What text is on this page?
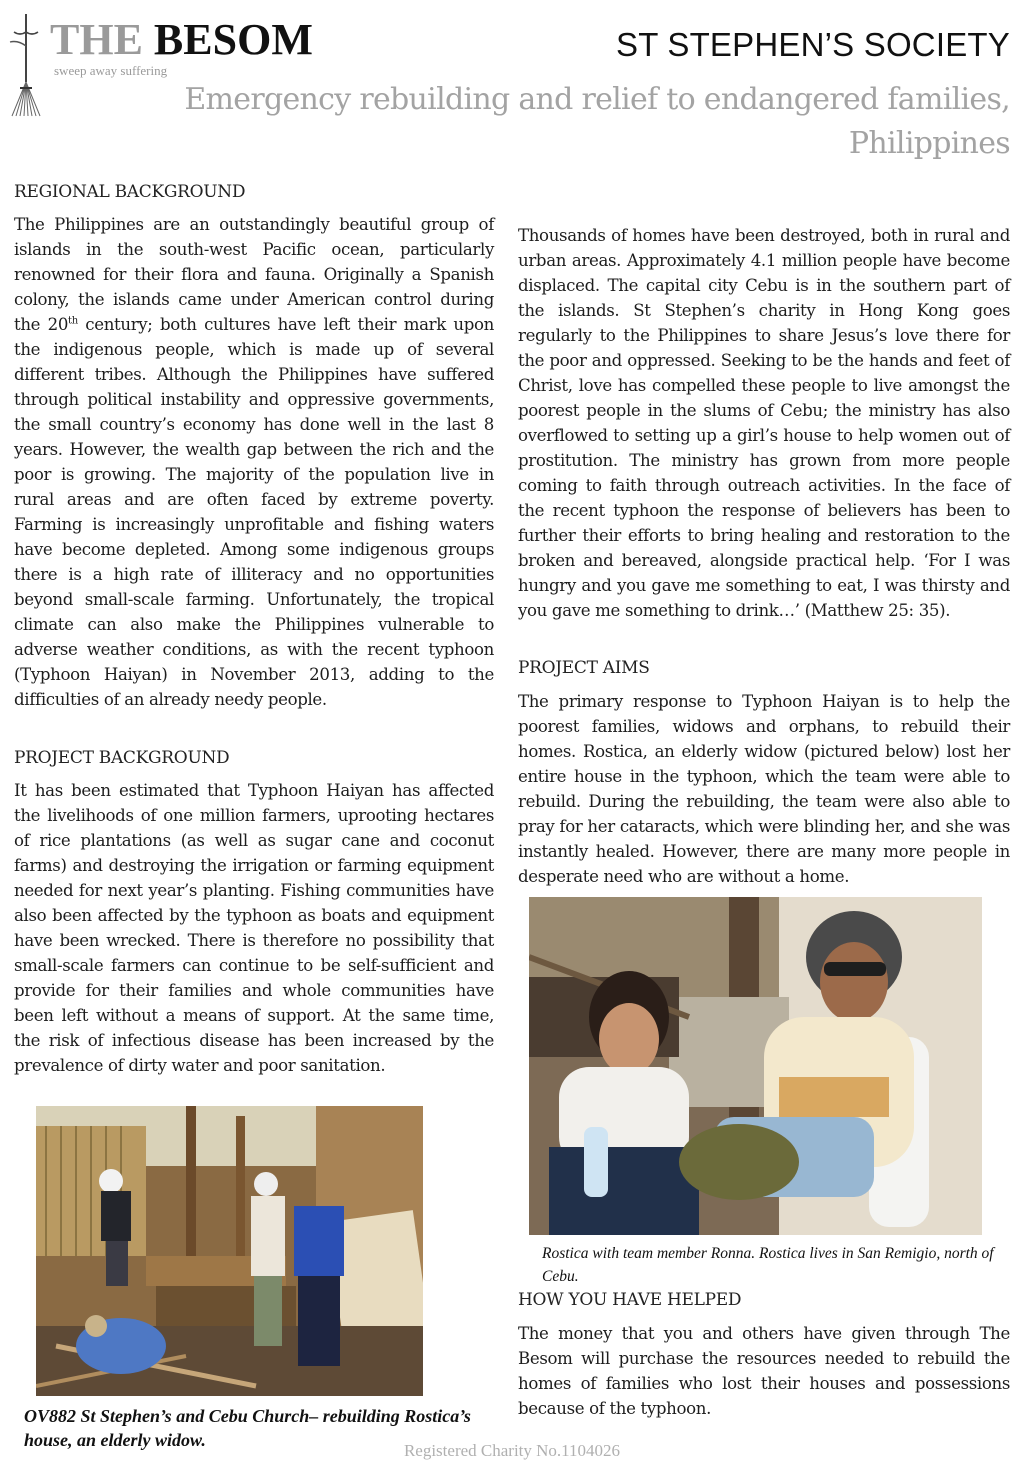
THE BESOM
sweep away suffering
ST STEPHEN’S SOCIETY
Emergency rebuilding and relief to endangered families, Philippines
REGIONAL BACKGROUND

The Philippines are an outstandingly beautiful group of islands in the south-west Pacific ocean, particularly renowned for their flora and fauna. Originally a Spanish colony, the islands came under American control during the 20th century; both cultures have left their mark upon the indigenous people, which is made up of several different tribes. Although the Philippines have suffered through political instability and oppressive governments, the small country’s economy has done well in the last 8 years. However, the wealth gap between the rich and the poor is growing. The majority of the population live in rural areas and are often faced by extreme poverty. Farming is increasingly unprofitable and fishing waters have become depleted. Among some indigenous groups there is a high rate of illiteracy and no opportunities beyond small-scale farming. Unfortunately, the tropical climate can also make the Philippines vulnerable to adverse weather conditions, as with the recent typhoon (Typhoon Haiyan) in November 2013, adding to the difficulties of an already needy people.

PROJECT BACKGROUND

It has been estimated that Typhoon Haiyan has affected the livelihoods of one million farmers, uprooting hectares of rice plantations (as well as sugar cane and coconut farms) and destroying the irrigation or farming equipment needed for next year’s planting. Fishing communities have also been affected by the typhoon as boats and equipment have been wrecked. There is therefore no possibility that small-scale farmers can continue to be self-sufficient and provide for their families and whole communities have been left without a means of support. At the same time, the risk of infectious disease has been increased by the prevalence of dirty water and poor sanitation.

OV882 St Stephen’s and Cebu Church– rebuilding Rostica’s house, an elderly widow.

Thousands of homes have been destroyed, both in rural and urban areas. Approximately 4.1 million people have become displaced. The capital city Cebu is in the southern part of the islands. St Stephen’s charity in Hong Kong goes regularly to the Philippines to share Jesus’s love there for the poor and oppressed. Seeking to be the hands and feet of Christ, love has compelled these people to live amongst the poorest people in the slums of Cebu; the ministry has also overflowed to setting up a girl’s house to help women out of prostitution. The ministry has grown from more people coming to faith through outreach activities. In the face of the recent typhoon the response of believers has been to further their efforts to bring healing and restoration to the broken and bereaved, alongside practical help. ‘For I was hungry and you gave me something to eat, I was thirsty and you gave me something to drink…’ (Matthew 25: 35).

PROJECT AIMS

The primary response to Typhoon Haiyan is to help the poorest families, widows and orphans, to rebuild their homes. Rostica, an elderly widow (pictured below) lost her entire house in the typhoon, which the team were able to rebuild. During the rebuilding, the team were also able to pray for her cataracts, which were blinding her, and she was instantly healed. However, there are many more people in desperate need who are without a home.

Rostica with team member Ronna. Rostica lives in San Remigio, north of Cebu.
HOW YOU HAVE HELPED

The money that you and others have given through The Besom will purchase the resources needed to rebuild the homes of families who lost their houses and possessions because of the typhoon.

Registered Charity No.1104026
